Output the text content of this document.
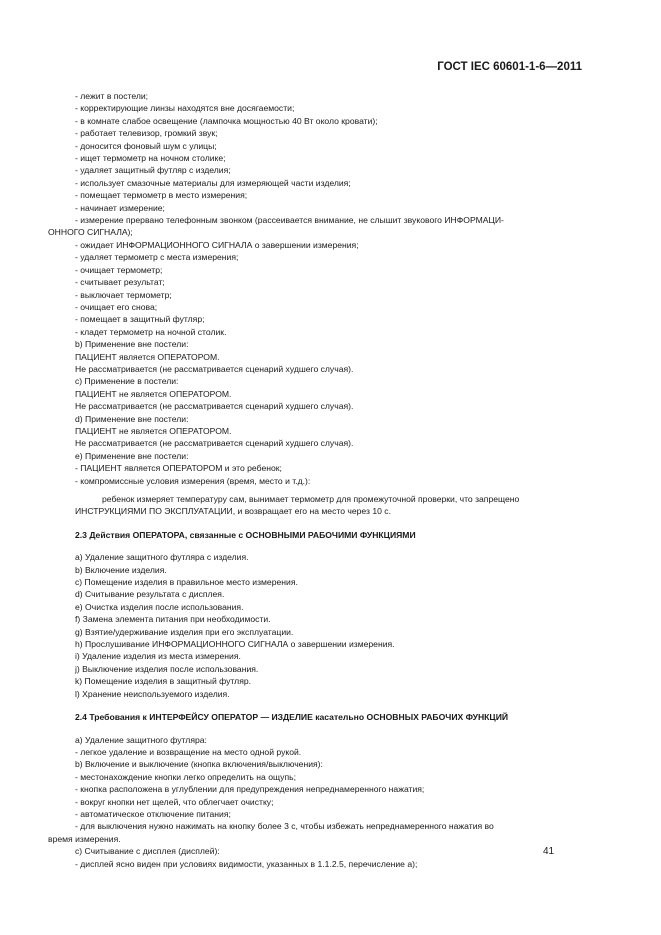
ГОСТ IEC 60601-1-6—2011
- лежит в постели;
- корректирующие линзы находятся вне досягаемости;
- в комнате слабое освещение (лампочка мощностью 40 Вт около кровати);
- работает телевизор, громкий звук;
- доносится фоновый шум с улицы;
- ищет термометр на ночном столике;
- удаляет защитный футляр с изделия;
- использует смазочные материалы для измеряющей части изделия;
- помещает термометр в место измерения;
- начинает измерение;
- измерение прервано телефонным звонком (рассеивается внимание, не слышит звукового ИНФОРМАЦИ-
ОННОГО СИГНАЛА);
- ожидает ИНФОРМАЦИОННОГО СИГНАЛА о завершении измерения;
- удаляет термометр с места измерения;
- очищает термометр;
- считывает результат;
- выключает термометр;
- очищает его снова;
- помещает в защитный футляр;
- кладет термометр на ночной столик.
b) Применение вне постели:
ПАЦИЕНТ является ОПЕРАТОРОМ.
Не рассматривается (не рассматривается сценарий худшего случая).
c) Применение в постели:
ПАЦИЕНТ не является ОПЕРАТОРОМ.
Не рассматривается (не рассматривается сценарий худшего случая).
d) Применение вне постели:
ПАЦИЕНТ не является ОПЕРАТОРОМ.
Не рассматривается (не рассматривается сценарий худшего случая).
e) Применение вне постели:
- ПАЦИЕНТ является ОПЕРАТОРОМ и это ребенок;
- компромиссные условия измерения (время, место и т.д.):
ребенок измеряет температуру сам, вынимает термометр для промежуточной проверки, что запрещено
ИНСТРУКЦИЯМИ ПО ЭКСПЛУАТАЦИИ, и возвращает его на место через 10 с.
2.3 Действия ОПЕРАТОРА, связанные с ОСНОВНЫМИ РАБОЧИМИ ФУНКЦИЯМИ
a) Удаление защитного футляра с изделия.
b) Включение изделия.
c) Помещение изделия в правильное место измерения.
d) Считывание результата с дисплея.
e) Очистка изделия после использования.
f) Замена элемента питания при необходимости.
g) Взятие/удерживание изделия при его эксплуатации.
h) Прослушивание ИНФОРМАЦИОННОГО СИГНАЛА о завершении измерения.
i) Удаление изделия из места измерения.
j) Выключение изделия после использования.
k) Помещение изделия в защитный футляр.
l) Хранение неиспользуемого изделия.
2.4 Требования к ИНТЕРФЕЙСУ ОПЕРАТОР — ИЗДЕЛИЕ касательно ОСНОВНЫХ РАБОЧИХ ФУНКЦИЙ
a) Удаление защитного футляра:
- легкое удаление и возвращение на место одной рукой.
b) Включение и выключение (кнопка включения/выключения):
- местонахождение кнопки легко определить на ощупь;
- кнопка расположена в углублении для предупреждения непреднамеренного нажатия;
- вокруг кнопки нет щелей, что облегчает очистку;
- автоматическое отключение питания;
- для выключения нужно нажимать на кнопку более 3 с, чтобы избежать непреднамеренного нажатия во
время измерения.
c) Считывание с дисплея (дисплей):
- дисплей ясно виден при условиях видимости, указанных в 1.1.2.5, перечисление а);
41
